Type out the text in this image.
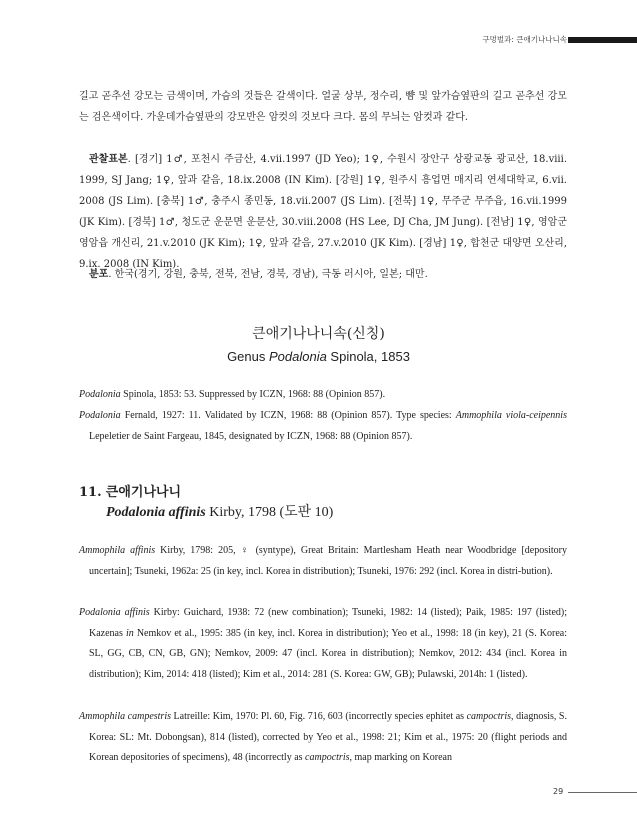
구멍벌과: 큰애기나나니속

길고 곧추선 강모는 금색이며, 가슴의 것들은 갈색이다. 얼굴 상부, 정수리, 뺨 및 앞가슴옆판의 길고 곧추선 강모는 검은색이다. 가운데가슴옆판의 강모반은 암컷의 것보다 크다. 몸의 무늬는 암컷과 같다.

관찰표본. [경기] 1♂, 포천시 주금산, 4.vii.1997 (JD Yeo); 1♀, 수원시 장안구 상광교동 광교산, 18.viii. 1999, SJ Jang; 1♀, 앞과 같음, 18.ix.2008 (IN Kim). [강원] 1♀, 원주시 흥업면 매지리 연세대학교, 6.vii. 2008 (JS Lim). [충북] 1♂, 충주시 종민동, 18.vii.2007 (JS Lim). [전북] 1♀, 무주군 무주읍, 16.vii.1999 (JK Kim). [경북] 1♂, 청도군 운문면 운문산, 30.viii.2008 (HS Lee, DJ Cha, JM Jung). [전남] 1♀, 영암군 영암읍 개신리, 21.v.2010 (JK Kim); 1♀, 앞과 같음, 27.v.2010 (JK Kim). [경남] 1♀, 합천군 대양면 오산리, 9.ix. 2008 (IN Kim).

분포. 한국(경기, 강원, 충북, 전북, 전남, 경북, 경남), 극동 러시아, 일본; 대만.

큰애기나나니속(신칭)

Genus Podalonia Spinola, 1853

Podalonia Spinola, 1853: 53. Suppressed by ICZN, 1968: 88 (Opinion 857).

Podalonia Fernald, 1927: 11. Validated by ICZN, 1968: 88 (Opinion 857). Type species: Ammophila viola-ceipennis Lepeletier de Saint Fargeau, 1845, designated by ICZN, 1968: 88 (Opinion 857).

11. 큰애기나나니

Podalonia affinis Kirby, 1798 (도판 10)

Ammophila affinis Kirby, 1798: 205, ♀ (syntype), Great Britain: Martlesham Heath near Woodbridge [depository uncertain]; Tsuneki, 1962a: 25 (in key, incl. Korea in distribution); Tsuneki, 1976: 292 (incl. Korea in distri-bution).

Podalonia affinis Kirby: Guichard, 1938: 72 (new combination); Tsuneki, 1982: 14 (listed); Paik, 1985: 197 (listed); Kazenas in Nemkov et al., 1995: 385 (in key, incl. Korea in distribution); Yeo et al., 1998: 18 (in key), 21 (S. Korea: SL, GG, CB, CN, GB, GN); Nemkov, 2009: 47 (incl. Korea in distribution); Nemkov, 2012: 434 (incl. Korea in distribution); Kim, 2014: 418 (listed); Kim et al., 2014: 281 (S. Korea: GW, GB); Pulawski, 2014h: 1 (listed).

Ammophila campestris Latreille: Kim, 1970: Pl. 60, Fig. 716, 603 (incorrectly species ephitet as campoctris, diagnosis, S. Korea: SL: Mt. Dobongsan), 814 (listed), corrected by Yeo et al., 1998: 21; Kim et al., 1975: 20 (flight periods and Korean depositories of specimens), 48 (incorrectly as campoctris, map marking on Korean

29
